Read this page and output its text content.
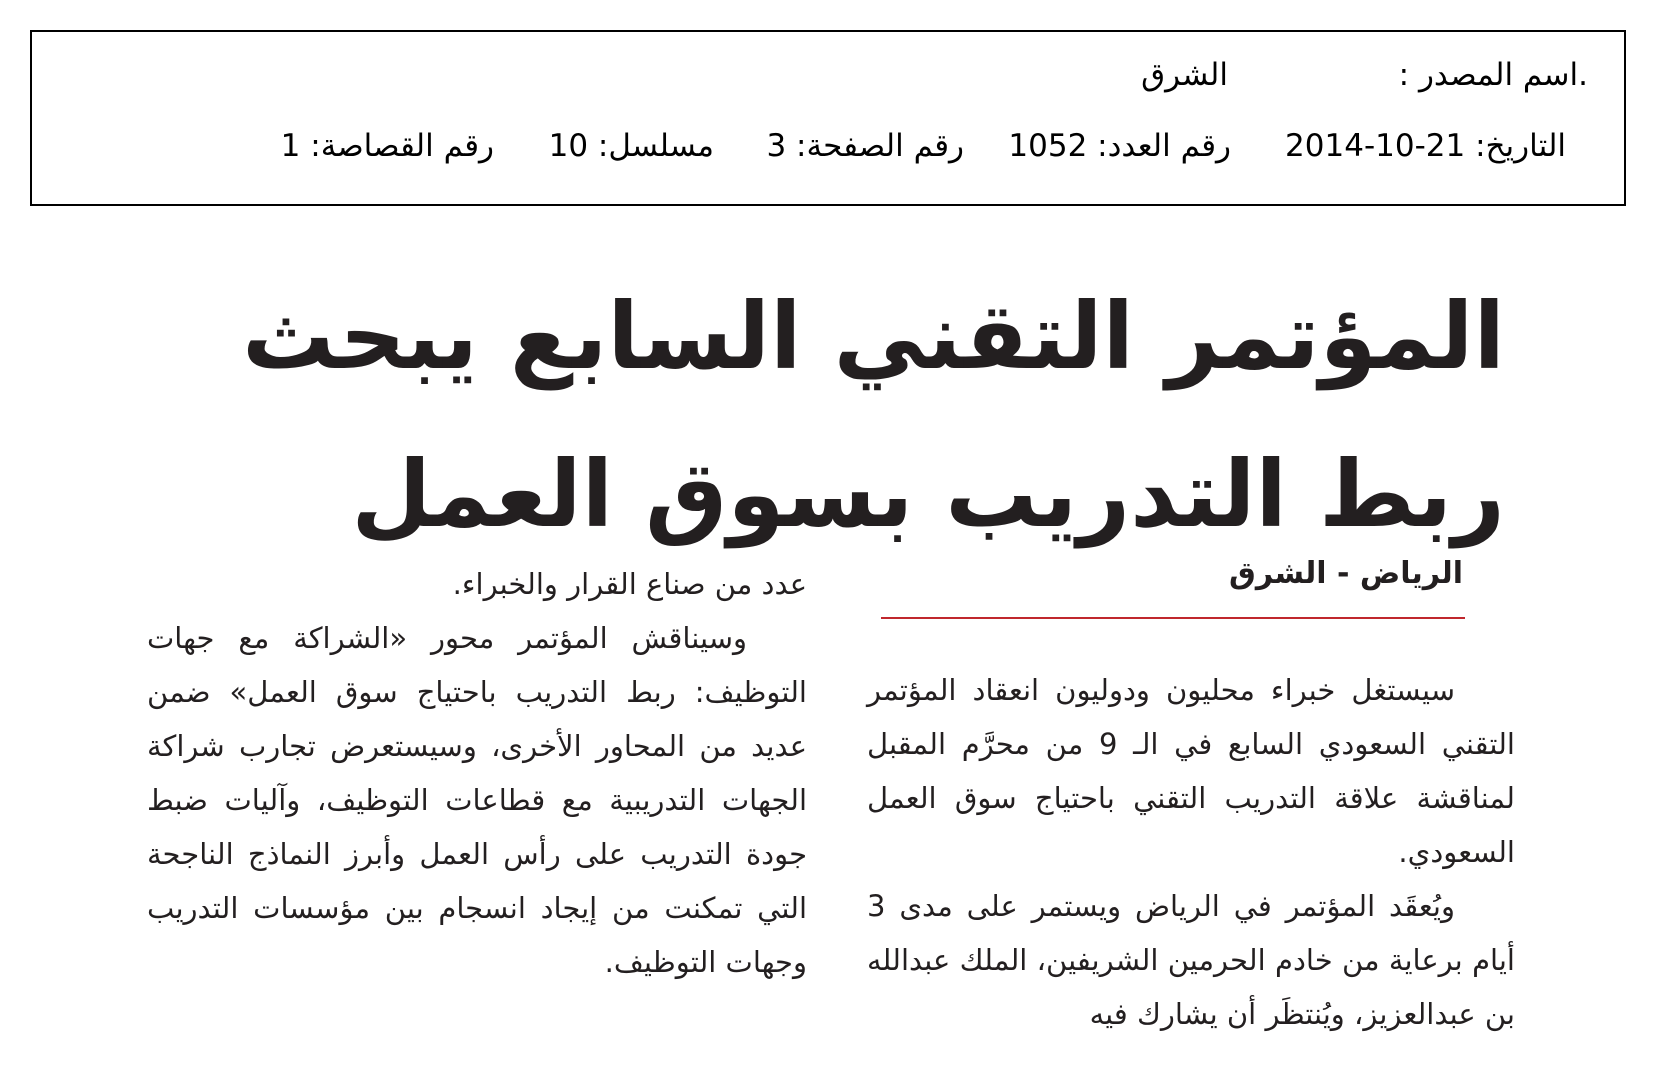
.اسم المصدر :
الشرق
التاريخ: 21-10-2014
رقم العدد: 1052
رقم الصفحة: 3
مسلسل: 10
رقم القصاصة: 1
المؤتمر التقني السابع يبحث ربط التدريب بسوق العمل
الرياض - الشرق

سيستغل خبراء محليون ودوليون انعقاد المؤتمر التقني السعودي السابع في الـ 9 من محرَّم المقبل لمناقشة علاقة التدريب التقني باحتياج سوق العمل السعودي.

ويُعقَد المؤتمر في الرياض ويستمر على مدى 3 أيام برعاية من خادم الحرمين الشريفين، الملك عبدالله بن عبدالعزيز، ويُنتظَر أن يشارك فيه

عدد من صناع القرار والخبراء.

وسيناقش المؤتمر محور «الشراكة مع جهات التوظيف: ربط التدريب باحتياج سوق العمل» ضمن عديد من المحاور الأخرى، وسيستعرض تجارب شراكة الجهات التدريبية مع قطاعات التوظيف، وآليات ضبط جودة التدريب على رأس العمل وأبرز النماذج الناجحة التي تمكنت من إيجاد انسجام بين مؤسسات التدريب وجهات التوظيف.
